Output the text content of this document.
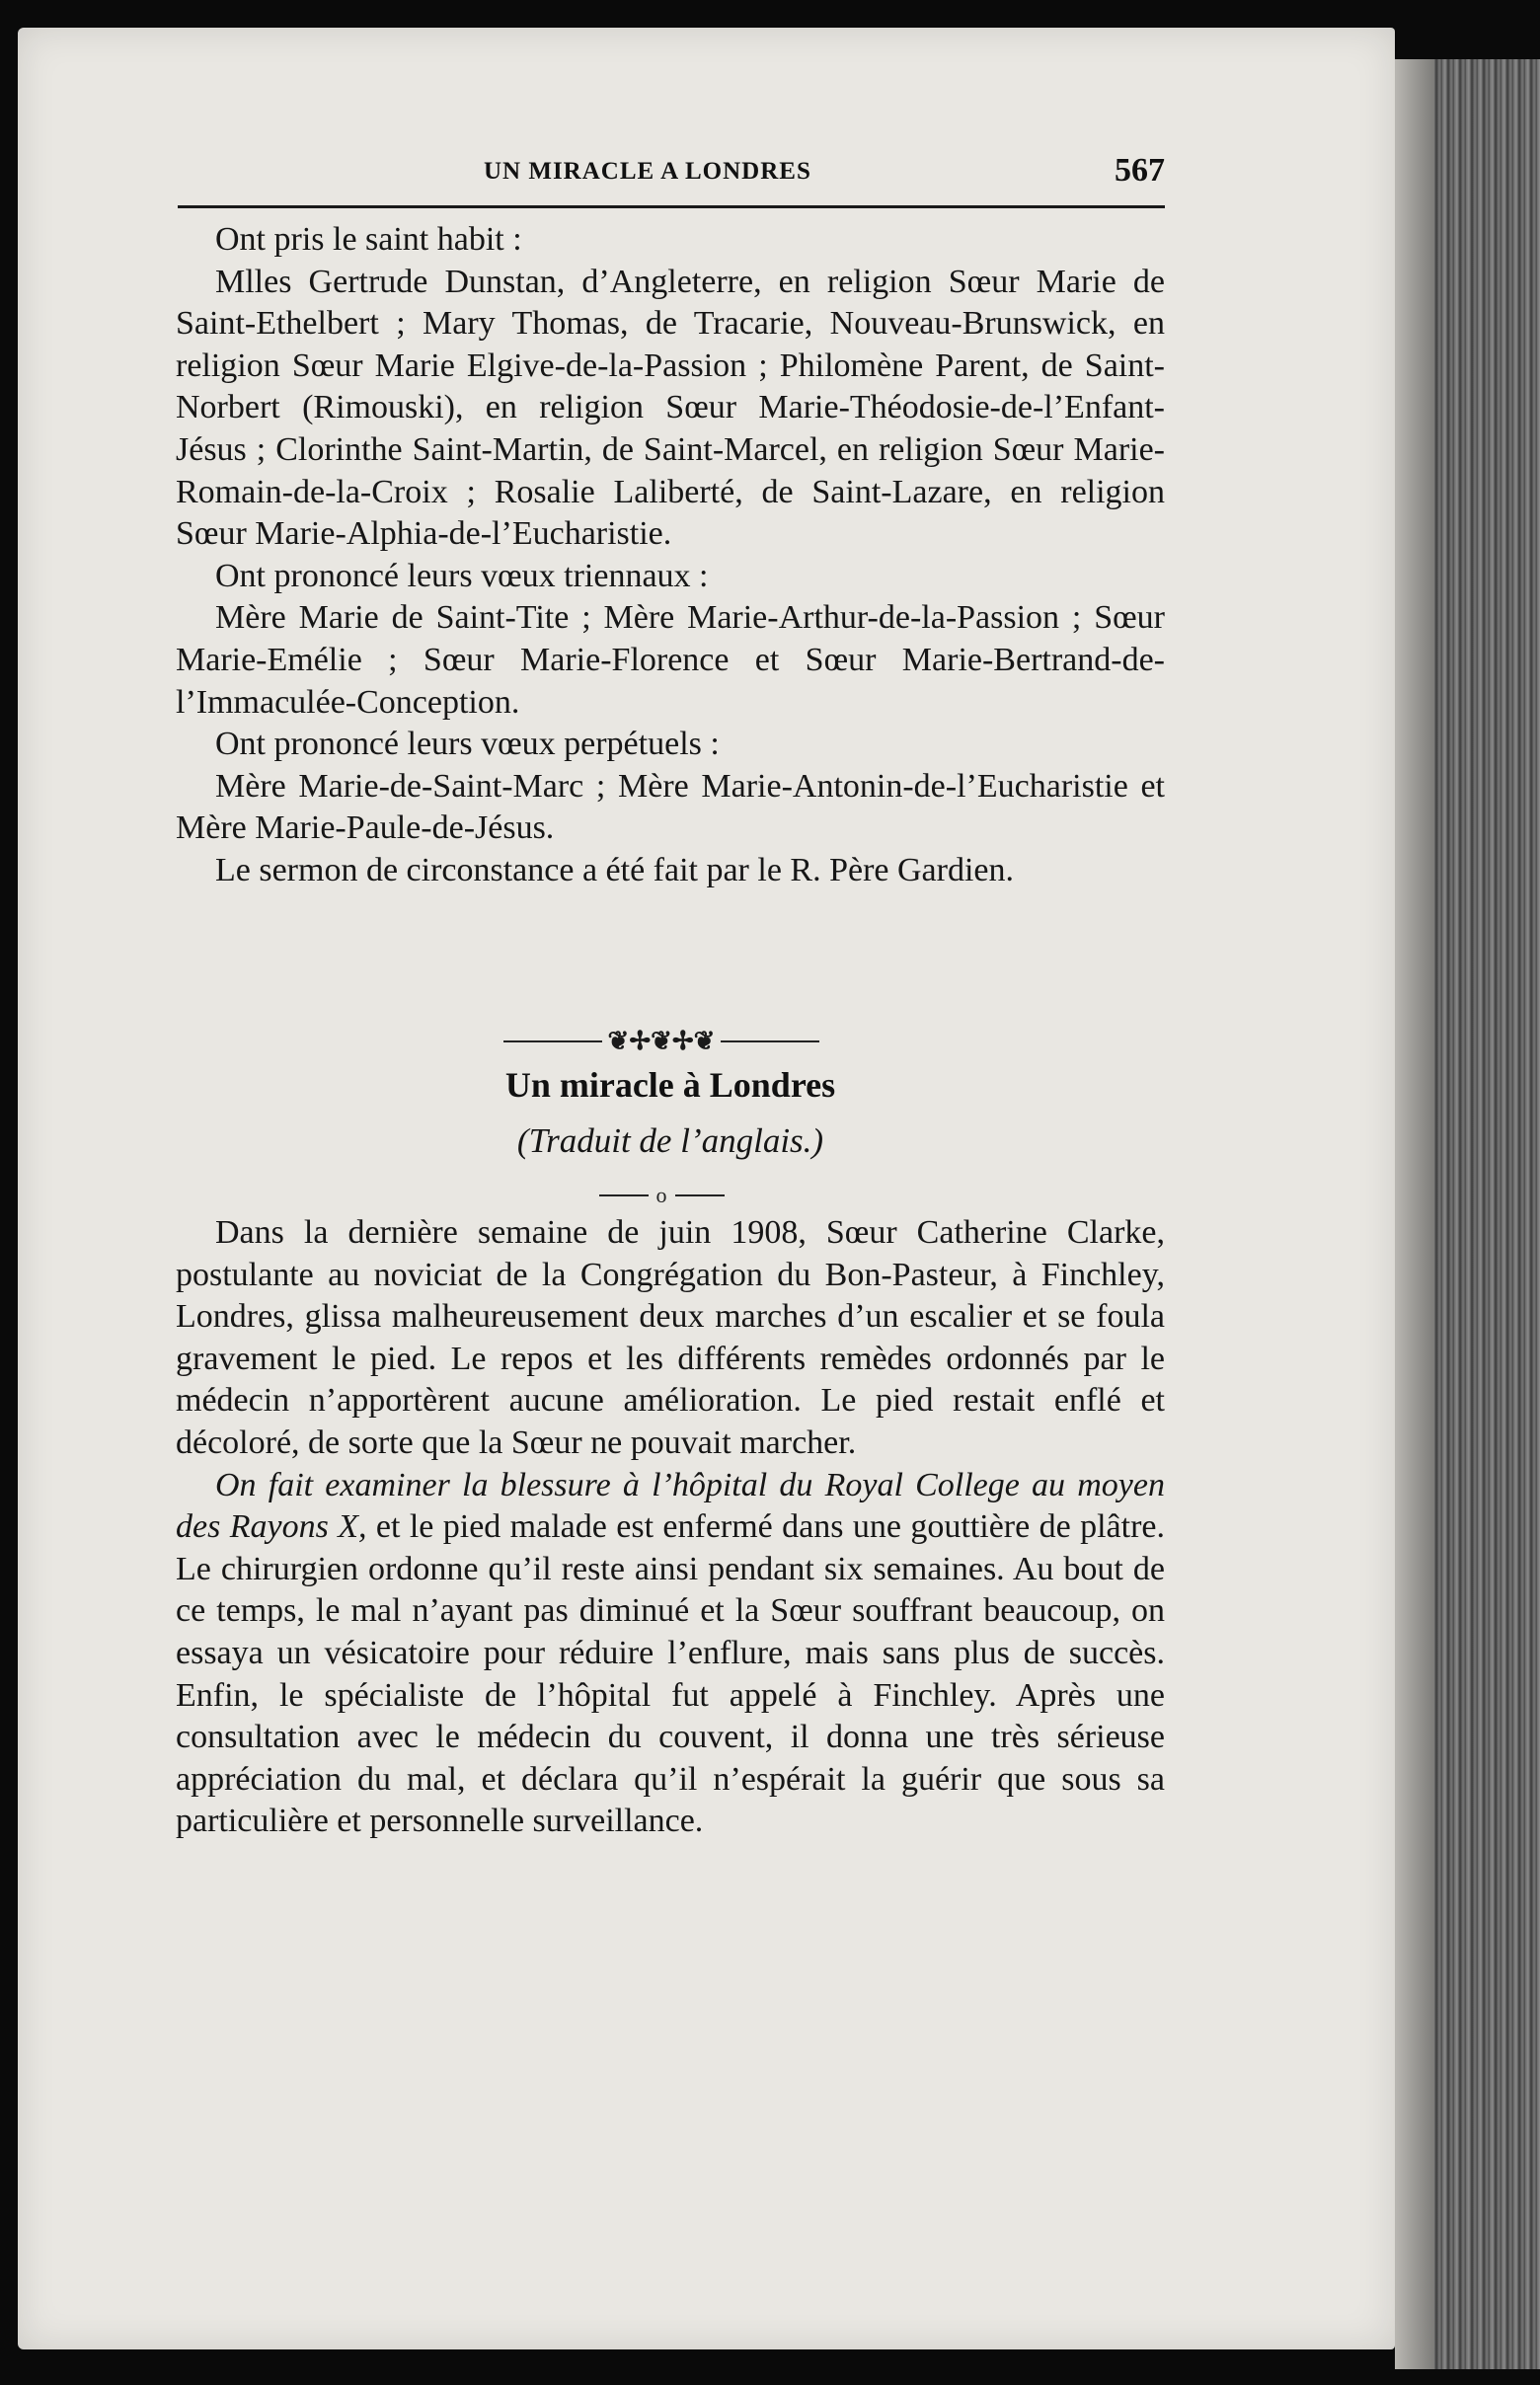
UN MIRACLE A LONDRES	567

Ont pris le saint habit :

Mlles Gertrude Dunstan, d’Angleterre, en religion Sœur Marie de Saint-Ethelbert ; Mary Thomas, de Tracarie, Nouveau-Brunswick, en religion Sœur Marie Elgive-de-la-Passion ; Philomène Parent, de Saint-Norbert (Rimouski), en religion Sœur Marie-Théodosie-de-l’Enfant-Jésus ; Clorinthe Saint-Martin, de Saint-Marcel, en religion Sœur Marie-Romain-de-la-Croix ; Rosalie Laliberté, de Saint-Lazare, en religion Sœur Marie-Alphia-de-l’Eucharistie.

Ont prononcé leurs vœux triennaux :

Mère Marie de Saint-Tite ; Mère Marie-Arthur-de-la-Passion ; Sœur Marie-Emélie ; Sœur Marie-Florence et Sœur Marie-Bertrand-de-l’Immaculée-Conception.

Ont prononcé leurs vœux perpétuels :

Mère Marie-de-Saint-Marc ; Mère Marie-Antonin-de-l’Eucharistie et Mère Marie-Paule-de-Jésus.

Le sermon de circonstance a été fait par le R. Père Gardien.

❦✢❦✢❦
Un miracle à Londres
(Traduit de l’anglais.)
o

Dans la dernière semaine de juin 1908, Sœur Catherine Clarke, postulante au noviciat de la Congrégation du Bon-Pasteur, à Finchley, Londres, glissa malheureusement deux marches d’un escalier et se foula gravement le pied. Le repos et les différents remèdes ordonnés par le médecin n’apportèrent aucune amélioration. Le pied restait enflé et décoloré, de sorte que la Sœur ne pouvait marcher.

On fait examiner la blessure à l’hôpital du Royal College au moyen des Rayons X, et le pied malade est enfermé dans une gouttière de plâtre. Le chirurgien ordonne qu’il reste ainsi pendant six semaines. Au bout de ce temps, le mal n’ayant pas diminué et la Sœur souffrant beaucoup, on essaya un vésicatoire pour réduire l’enflure, mais sans plus de succès. Enfin, le spécialiste de l’hôpital fut appelé à Finchley. Après une consultation avec le médecin du couvent, il donna une très sérieuse appréciation du mal, et déclara qu’il n’espérait la guérir que sous sa particulière et personnelle surveillance.
